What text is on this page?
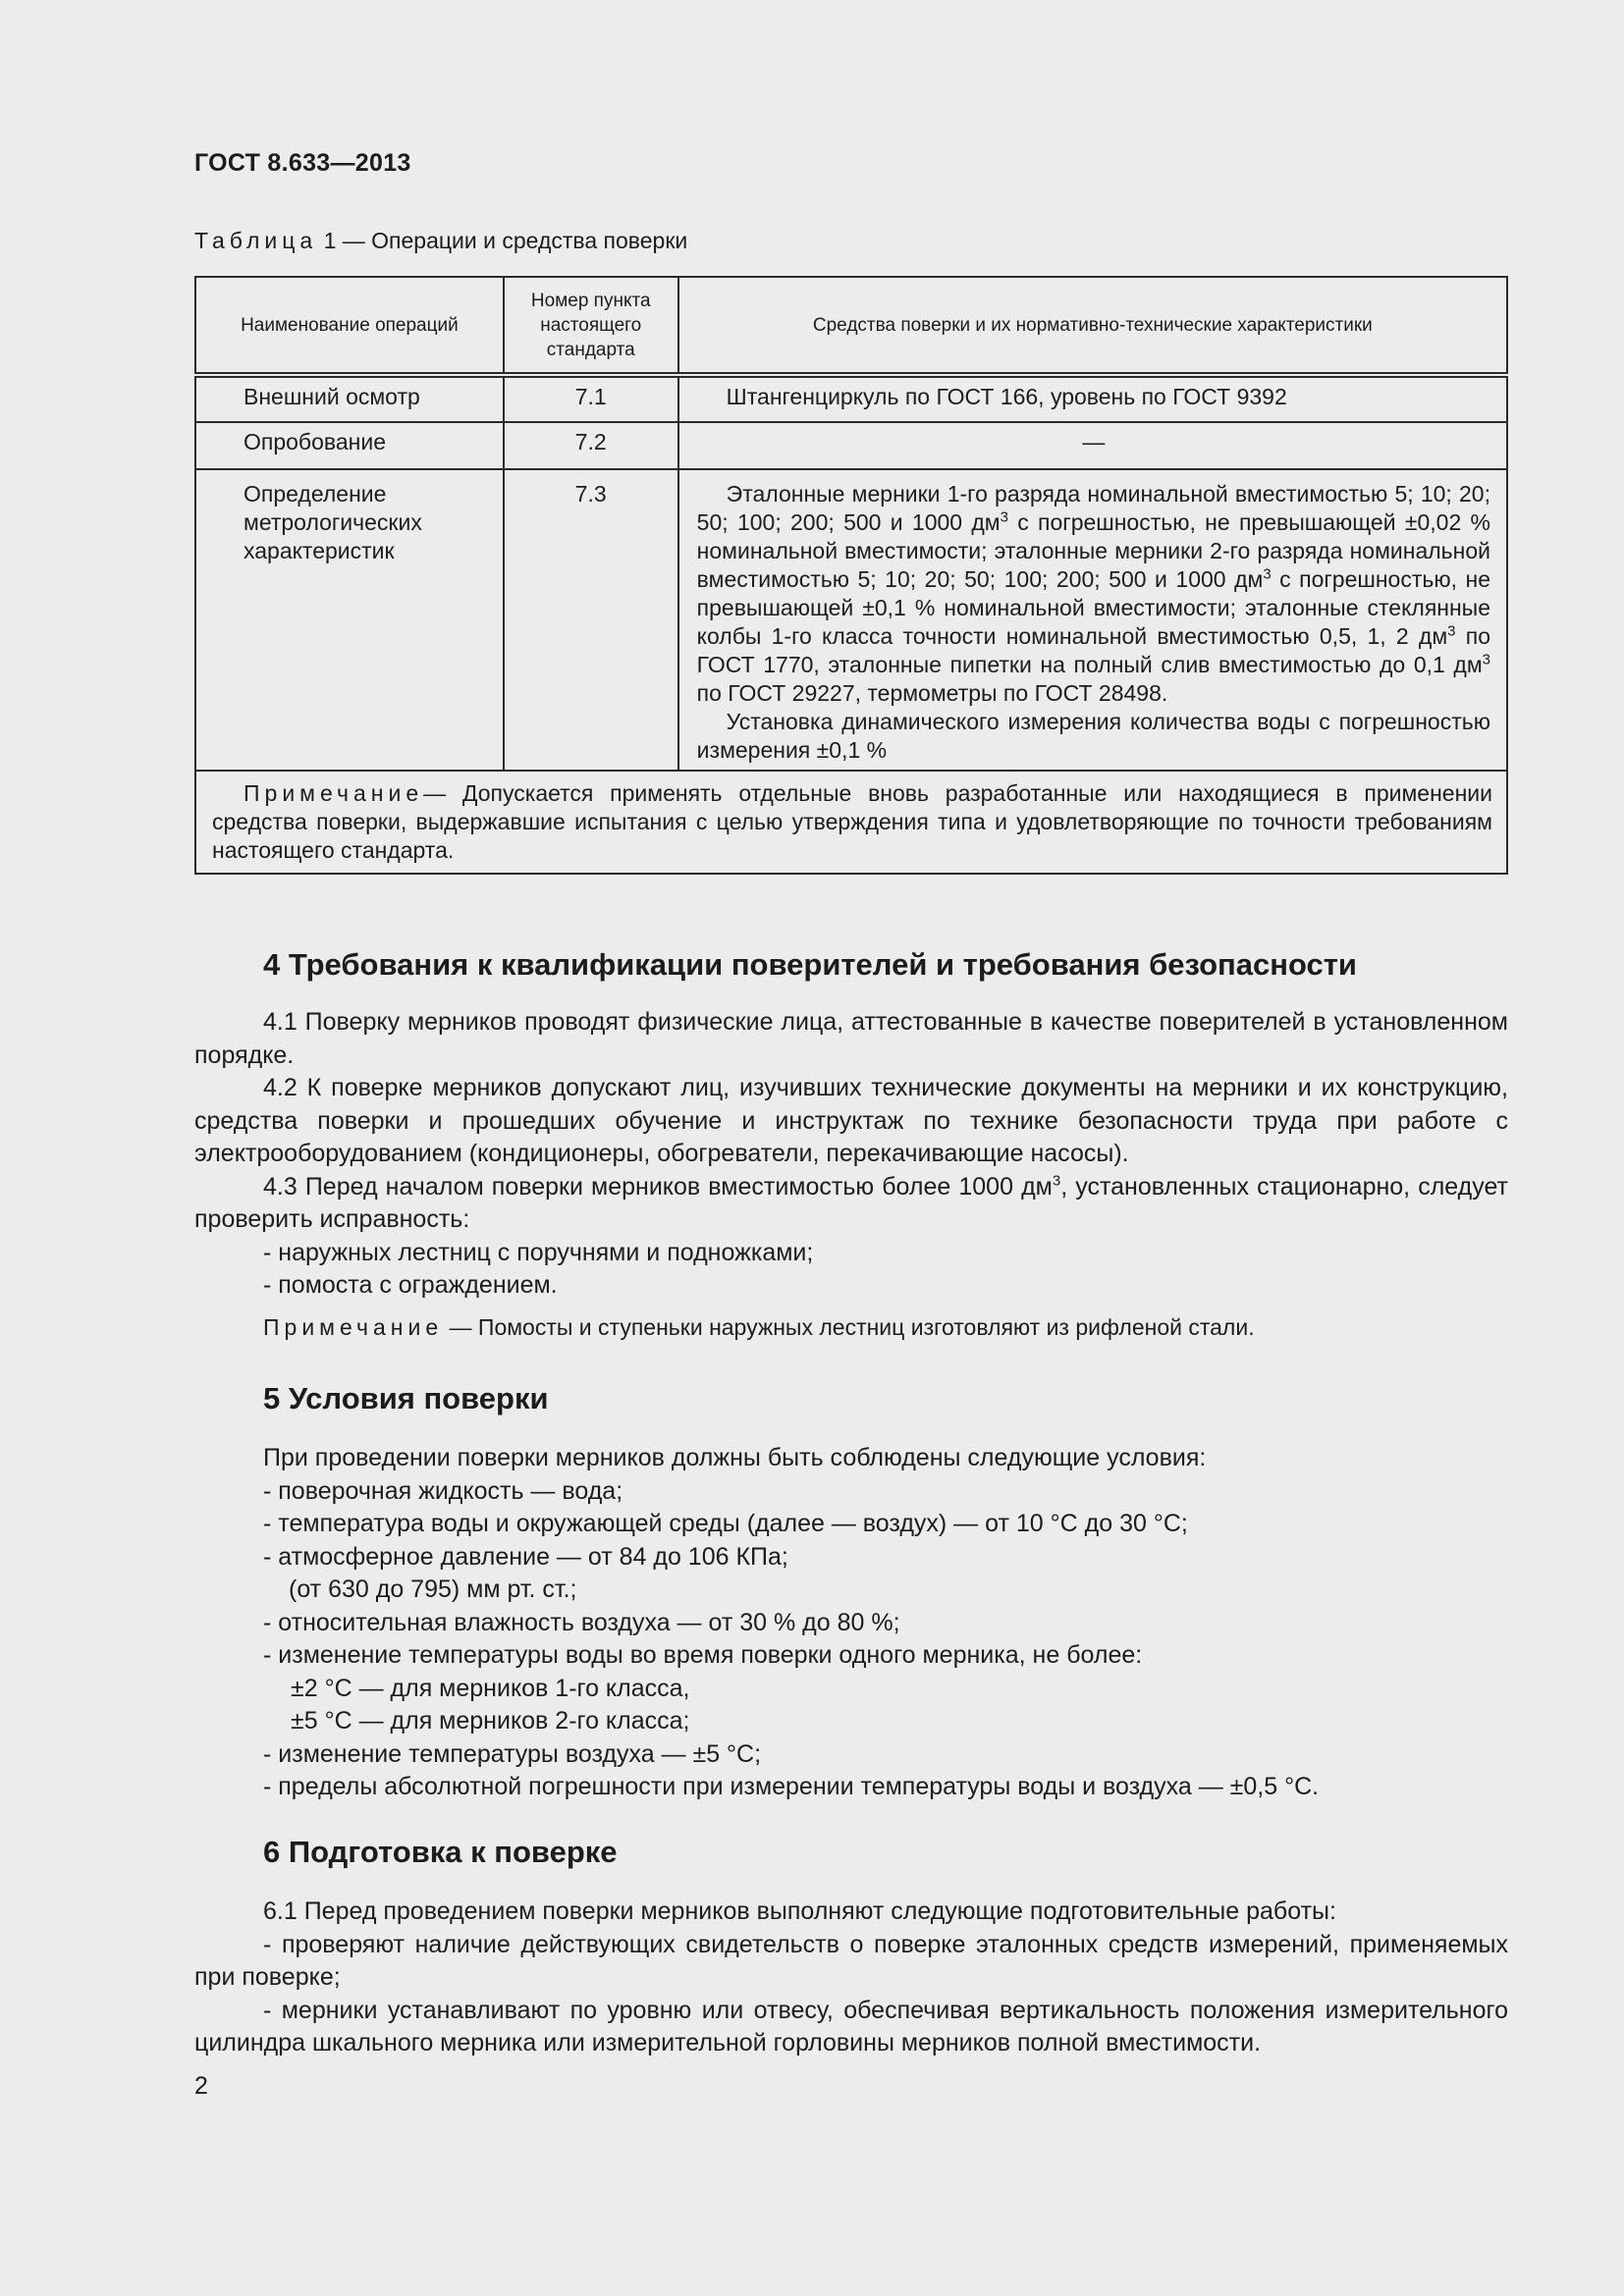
ГОСТ 8.633—2013
Таблица 1 — Операции и средства поверки
Наименование операций	Номер пункта настоящего стандарта	Средства поверки и их нормативно-технические характеристики
Внешний осмотр	7.1	Штангенциркуль по ГОСТ 166, уровень по ГОСТ 9392
Опробование	7.2	—
Определение метрологических характеристик	7.3	Эталонные мерники 1-го разряда номинальной вместимостью 5; 10; 20; 50; 100; 200; 500 и 1000 $дм^3$ с погрешностью, не превышающей ±0,02 % номинальной вместимости; эталонные мерники 2-го разряда номинальной вместимостью 5; 10; 20; 50; 100; 200; 500 и 1000 $дм^3$ с погрешностью, не превышающей ±0,1 % номинальной вместимости; эталонные стеклянные колбы 1-го класса точности номинальной вместимостью 0,5, 1, 2 $дм^3$ по ГОСТ 1770, эталонные пипетки на полный слив вместимостью до 0,1 $дм^3$ по ГОСТ 29227, термометры по ГОСТ 28498.
Установка динамического измерения количества воды с погрешностью измерения ±0,1 %

Примечание— Допускается применять отдельные вновь разработанные или находящиеся в применении средства поверки, выдержавшие испытания с целью утверждения типа и удовлетворяющие по точности требованиям настоящего стандарта.		
4 Требования к квалификации поверителей и требования безопасности

4.1 Поверку мерников проводят физические лица, аттестованные в качестве поверителей в установленном порядке.

4.2 К поверке мерников допускают лиц, изучивших технические документы на мерники и их конструкцию, средства поверки и прошедших обучение и инструктаж по технике безопасности труда при работе с электрооборудованием (кондиционеры, обогреватели, перекачивающие насосы).

4.3 Перед началом поверки мерников вместимостью более 1000 $дм^3$, установленных стационарно, следует проверить исправность:

- наружных лестниц с поручнями и подножками;

- помоста с ограждением.

Примечание — Помосты и ступеньки наружных лестниц изготовляют из рифленой стали.

5 Условия поверки

При проведении поверки мерников должны быть соблюдены следующие условия:

- поверочная жидкость — вода;

- температура воды и окружающей среды (далее — воздух) — от 10 °С до 30 °С;

- атмосферное давление — от 84 до 106 КПа;

(от 630 до 795) мм рт. ст.;

- относительная влажность воздуха — от 30 % до 80 %;

- изменение температуры воды во время поверки одного мерника, не более:

±2 °С — для мерников 1-го класса,

±5 °С — для мерников 2-го класса;

- изменение температуры воздуха — ±5 °С;

- пределы абсолютной погрешности при измерении температуры воды и воздуха — ±0,5 °С.

6 Подготовка к поверке

6.1 Перед проведением поверки мерников выполняют следующие подготовительные работы:

- проверяют наличие действующих свидетельств о поверке эталонных средств измерений, применяемых при поверке;

- мерники устанавливают по уровню или отвесу, обеспечивая вертикальность положения измерительного цилиндра шкального мерника или измерительной горловины мерников полной вместимости.

2
